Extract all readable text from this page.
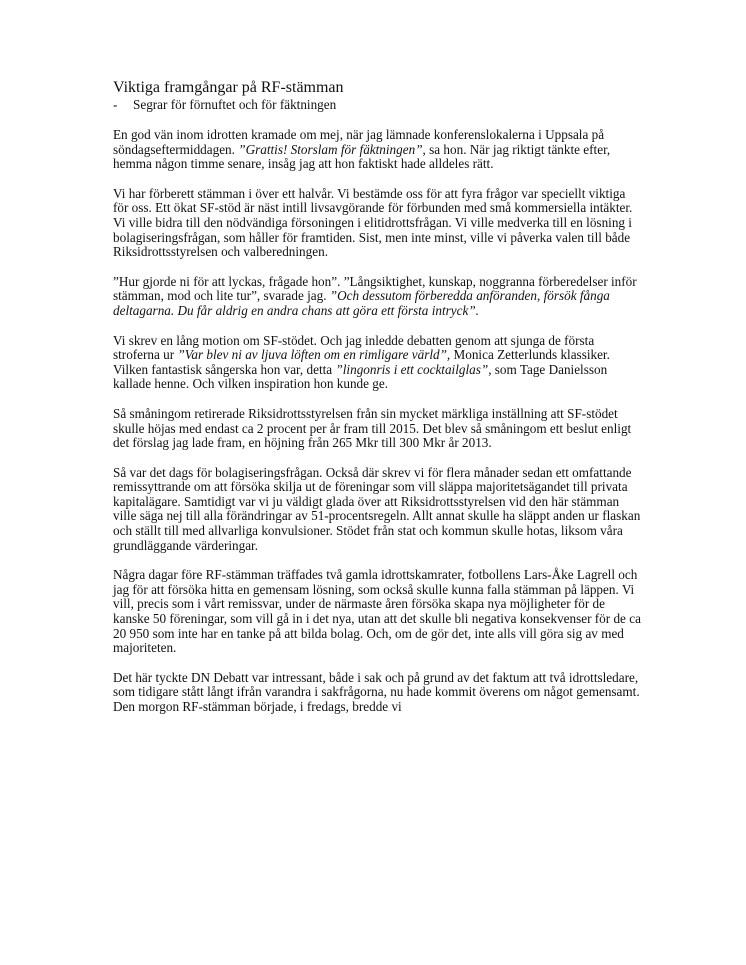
Viktiga framgångar på RF-stämman
-	Segrar för förnuftet och för fäktningen

En god vän inom idrotten kramade om mej, när jag lämnade konferenslokalerna i Uppsala på söndagseftermiddagen. ”Grattis! Storslam för fäktningen”, sa hon. När jag riktigt tänkte efter, hemma någon timme senare, insåg jag att hon faktiskt hade alldeles rätt.

Vi har förberett stämman i över ett halvår. Vi bestämde oss för att fyra frågor var speciellt viktiga för oss. Ett ökat SF-stöd är näst intill livsavgörande för förbunden med små kommersiella intäkter. Vi ville bidra till den nödvändiga försoningen i elitidrottsfrågan. Vi ville medverka till en lösning i bolagiseringsfrågan, som håller för framtiden. Sist, men inte minst, ville vi påverka valen till både Riksidrottsstyrelsen och valberedningen.

”Hur gjorde ni för att lyckas, frågade hon”. ”Långsiktighet, kunskap, noggranna förberedelser inför stämman, mod och lite tur”, svarade jag. ”Och dessutom förberedda anföranden, försök fånga deltagarna. Du får aldrig en andra chans att göra ett första intryck”.

Vi skrev en lång motion om SF-stödet. Och jag inledde debatten genom att sjunga de första stroferna ur ”Var blev ni av ljuva löften om en rimligare värld”, Monica Zetterlunds klassiker. Vilken fantastisk sångerska hon var, detta ”lingonris i ett cocktailglas”, som Tage Danielsson kallade henne. Och vilken inspiration hon kunde ge.

Så småningom retirerade Riksidrottsstyrelsen från sin mycket märkliga inställning att SF-stödet skulle höjas med endast ca 2 procent per år fram till 2015. Det blev så småningom ett beslut enligt det förslag jag lade fram, en höjning från 265 Mkr till 300 Mkr år 2013.

Så var det dags för bolagiseringsfrågan. Också där skrev vi för flera månader sedan ett omfattande remissyttrande om att försöka skilja ut de föreningar som vill släppa majoritetsägandet till privata kapitalägare. Samtidigt var vi ju väldigt glada över att Riksidrottsstyrelsen vid den här stämman ville säga nej till alla förändringar av 51-procentsregeln. Allt annat skulle ha släppt anden ur flaskan och ställt till med allvarliga konvulsioner. Stödet från stat och kommun skulle hotas, liksom våra grundläggande värderingar.

Några dagar före RF-stämman träffades två gamla idrottskamrater, fotbollens Lars-Åke Lagrell och jag för att försöka hitta en gemensam lösning, som också skulle kunna falla stämman på läppen. Vi vill, precis som i vårt remissvar, under de närmaste åren försöka skapa nya möjligheter för de kanske 50 föreningar, som vill gå in i det nya, utan att det skulle bli negativa konsekvenser för de ca 20 950 som inte har en tanke på att bilda bolag. Och, om de gör det, inte alls vill göra sig av med majoriteten.

Det här tyckte DN Debatt var intressant, både i sak och på grund av det faktum att två idrottsledare, som tidigare stått långt ifrån varandra i sakfrågorna, nu hade kommit överens om något gemensamt. Den morgon RF-stämman började, i fredags, bredde vi
